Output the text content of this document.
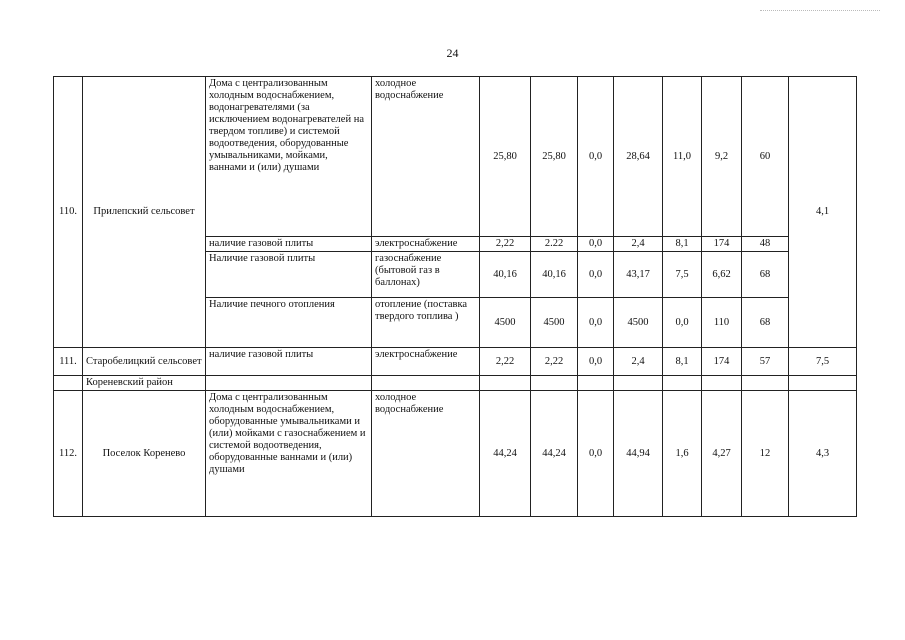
24
110.	Прилепский сельсовет	Дома с централизованным холодным водоснабжением, водонагревателями (за исключением водонагревателей на твердом топливе) и системой водоотведения, оборудованные умывальниками, мойками, ваннами и (или) душами	холодное водоснабжение	25,80	25,80	0,0	28,64	11,0	9,2	60	4,1
		наличие газовой плиты	электроснабжение	2,22	2.22	0,0	2,4	8,1	174	48	
		Наличие газовой плиты	газоснабжение (бытовой газ в баллонах)	40,16	40,16	0,0	43,17	7,5	6,62	68	
		Наличие печного отопления	отопление (поставка твердого топлива )	4500	4500	0,0	4500	0,0	110	68	
111.	Старобелицкий сельсовет	наличие газовой плиты	электроснабжение	2,22	2,22	0,0	2,4	8,1	174	57	7,5
	Кореневский район										
112.	Поселок Коренево	Дома с централизованным холодным водоснабжением, оборудованные умывальниками и (или) мойками с газоснабжением и системой водоотведения, оборудованные ваннами и (или) душами	холодное водоснабжение	44,24	44,24	0,0	44,94	1,6	4,27	12	4,3
